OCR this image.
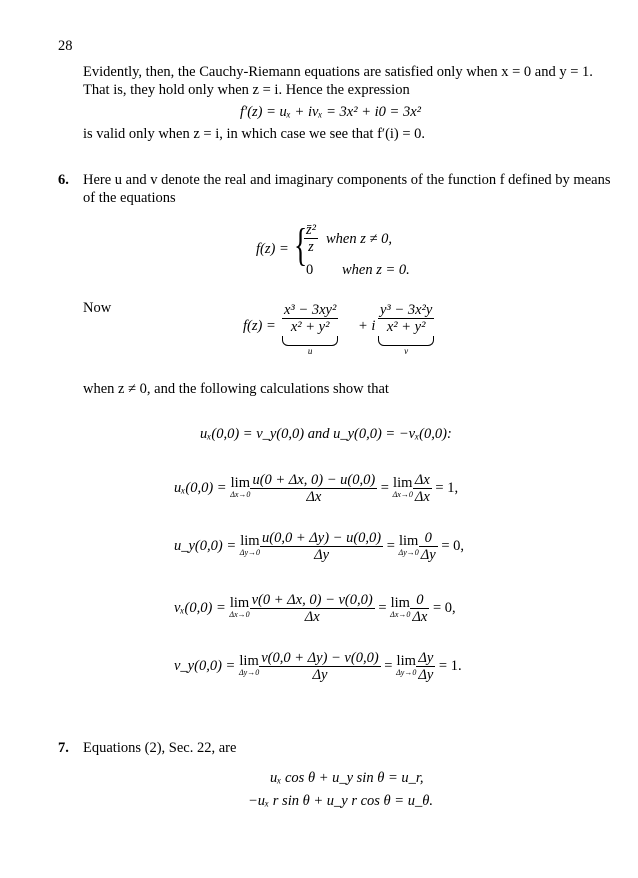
28
Evidently, then, the Cauchy-Riemann equations are satisfied only when x = 0 and y = 1.
That is, they hold only when z = i. Hence the expression
f′(z) = uₓ + ivₓ = 3x² + i0 = 3x²
is valid only when z = i, in which case we see that f′(i) = 0.
6. Here u and v denote the real and imaginary components of the function f defined by means
of the equations
f(z) = {
$\frac{\text{z̄²}}{z}$ when z ≠ 0,
0 when z = 0.
Now
$f(z) = \frac{\text{x³ − 3xy²}}{\text{x² + y²}}$
u
+ i $\frac{\text{y³ − 3x²y}}{\text{x² + y²}}$
v
when z ≠ 0, and the following calculations show that
uₓ(0,0) = v_y(0,0) and u_y(0,0) = −vₓ(0,0):
uₓ(0,0) = lim
$\Delta x\to 0 \frac{u(0 + \Delta x, 0) - u(0,0)}{\Delta x} = \lim$
$\Delta x\to 0 \frac{\Delta x}{\Delta x} = 1$,
u_y(0,0) = lim
$\Delta y\to 0 \frac{u(0,0 + \Delta y) - u(0,0)}{\Delta y} = \lim$
$\Delta y\to 0 \frac{0}{\Delta y} = 0$,
vₓ(0,0) = lim
$\Delta x\to 0 \frac{v(0 + \Delta x, 0) - v(0,0)}{\Delta x} = \lim$
$\Delta x\to 0 \frac{0}{\Delta x} = 0$,
v_y(0,0) = lim
$\Delta y\to 0 \frac{v(0,0 + \Delta y) - v(0,0)}{\Delta y} = \lim$
$\Delta y\to 0 \frac{\Delta y}{\Delta y} = 1$.
7. Equations (2), Sec. 22, are
uₓ cos θ + u_y sin θ = u_r,
−uₓ r sin θ + u_y r cos θ = u_θ.
